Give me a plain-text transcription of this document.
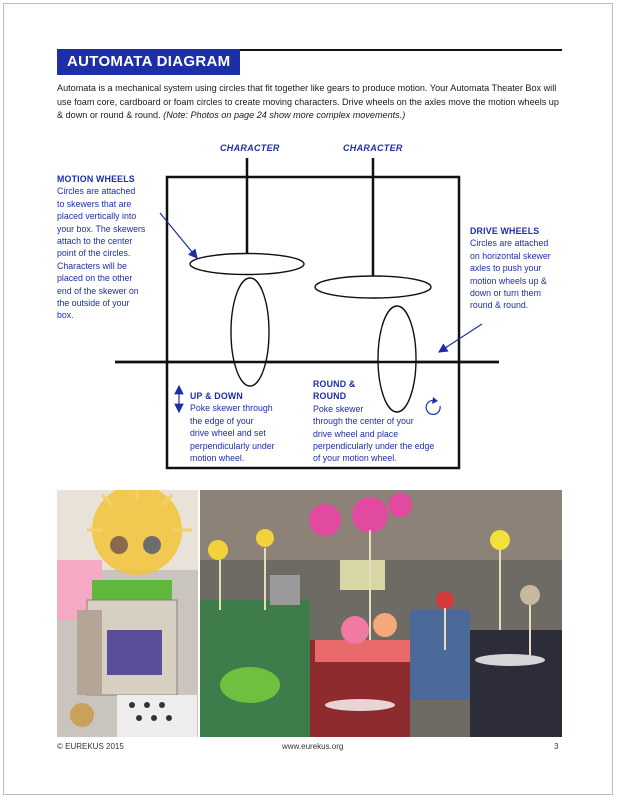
AUTOMATA DIAGRAM
Automata is a mechanical system using circles that fit together like gears to produce motion. Your Automata Theater Box will use foam core, cardboard or foam circles to create moving characters. Drive wheels on the axles move the motion wheels up & down or round & round. (Note: Photos on page 24 show more complex movements.)
CHARACTER	CHARACTER
MOTION WHEELS
Circles are attached
to skewers that are
placed vertically into
your box. The skewers
attach to the center
point of the circles.
Characters will be
placed on the other
end of the skewer on
the outside of your
box.
DRIVE WHEELS
Circles are attached
on horizontal skewer
axles to push your
motion wheels up &
down or turn them
round & round.
UP & DOWN
Poke skewer through
the edge of your
drive wheel and set
perpendicularly under
motion wheel.
ROUND &
ROUND
Poke skewer
through the center of your
drive wheel and place
perpendicularly under the edge
of your motion wheel.
© EUREKUS 2015	www.eurekus.org	3
